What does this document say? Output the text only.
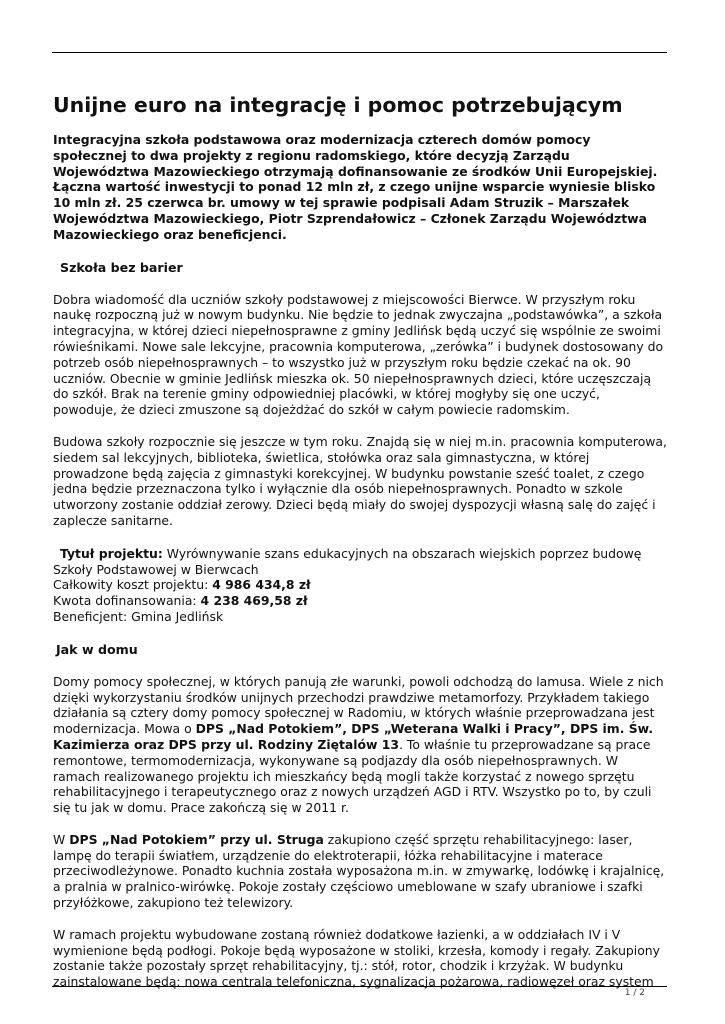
Unijne euro na integrację i pomoc potrzebującym

Integracyjna szkoła podstawowa oraz modernizacja czterech domów pomocy społecznej to dwa projekty z regionu radomskiego, które decyzją Zarządu Województwa Mazowieckiego otrzymają dofinansowanie ze środków Unii Europejskiej. Łączna wartość inwestycji to ponad 12 mln zł, z czego unijne wsparcie wyniesie blisko 10 mln zł. 25 czerwca br. umowy w tej sprawie podpisali Adam Struzik – Marszałek Województwa Mazowieckiego, Piotr Szprendałowicz – Członek Zarządu Województwa Mazowieckiego oraz beneficjenci.

Szkoła bez barier

Dobra wiadomość dla uczniów szkoły podstawowej z miejscowości Bierwce. W przyszłym roku naukę rozpoczną już w nowym budynku. Nie będzie to jednak zwyczajna „podstawówka”, a szkoła integracyjna, w której dzieci niepełnosprawne z gminy Jedlińsk będą uczyć się wspólnie ze swoimi rówieśnikami. Nowe sale lekcyjne, pracownia komputerowa, „zerówka” i budynek dostosowany do potrzeb osób niepełnosprawnych – to wszystko już w przyszłym roku będzie czekać na ok. 90 uczniów. Obecnie w gminie Jedlińsk mieszka ok. 50 niepełnosprawnych dzieci, które uczęszczają do szkół. Brak na terenie gminy odpowiedniej placówki, w której mogłyby się one uczyć, powoduje, że dzieci zmuszone są dojeżdżać do szkół w całym powiecie radomskim.

Budowa szkoły rozpocznie się jeszcze w tym roku. Znajdą się w niej m.in. pracownia komputerowa, siedem sal lekcyjnych, biblioteka, świetlica, stołówka oraz sala gimnastyczna, w której prowadzone będą zajęcia z gimnastyki korekcyjnej. W budynku powstanie sześć toalet, z czego jedna będzie przeznaczona tylko i wyłącznie dla osób niepełnosprawnych. Ponadto w szkole utworzony zostanie oddział zerowy. Dzieci będą miały do swojej dyspozycji własną salę do zajęć i zaplecze sanitarne.

Tytuł projektu: Wyrównywanie szans edukacyjnych na obszarach wiejskich poprzez budowę Szkoły Podstawowej w Bierwcach
Całkowity koszt projektu: 4 986 434,8 zł
Kwota dofinansowania: 4 238 469,58 zł
Beneficjent: Gmina Jedlińsk

Jak w domu

Domy pomocy społecznej, w których panują złe warunki, powoli odchodzą do lamusa. Wiele z nich dzięki wykorzystaniu środków unijnych przechodzi prawdziwe metamorfozy. Przykładem takiego działania są cztery domy pomocy społecznej w Radomiu, w których właśnie przeprowadzana jest modernizacja. Mowa o DPS „Nad Potokiem”, DPS „Weterana Walki i Pracy”, DPS im. Św. Kazimierza oraz DPS przy ul. Rodziny Ziętalów 13. To właśnie tu przeprowadzane są prace remontowe, termomodernizacja, wykonywane są podjazdy dla osób niepełnosprawnych. W ramach realizowanego projektu ich mieszkańcy będą mogli także korzystać z nowego sprzętu rehabilitacyjnego i terapeutycznego oraz z nowych urządzeń AGD i RTV. Wszystko po to, by czuli się tu jak w domu. Prace zakończą się w 2011 r.

W DPS „Nad Potokiem” przy ul. Struga zakupiono część sprzętu rehabilitacyjnego: laser, lampę do terapii światłem, urządzenie do elektroterapii, łóżka rehabilitacyjne i materace przeciwodleżynowe. Ponadto kuchnia została wyposażona m.in. w zmywarkę, lodówkę i krajalnicę, a pralnia w pralnico-wirówkę. Pokoje zostały częściowo umeblowane w szafy ubraniowe i szafki przyłóżkowe, zakupiono też telewizory.

W ramach projektu wybudowane zostaną również dodatkowe łazienki, a w oddziałach IV i V wymienione będą podłogi. Pokoje będą wyposażone w stoliki, krzesła, komody i regały. Zakupiony zostanie także pozostały sprzęt rehabilitacyjny, tj.: stół, rotor, chodzik i krzyżak. W budynku zainstalowane będą: nowa centrala telefoniczna, sygnalizacja pożarowa, radiowęzeł oraz system

1 / 2
